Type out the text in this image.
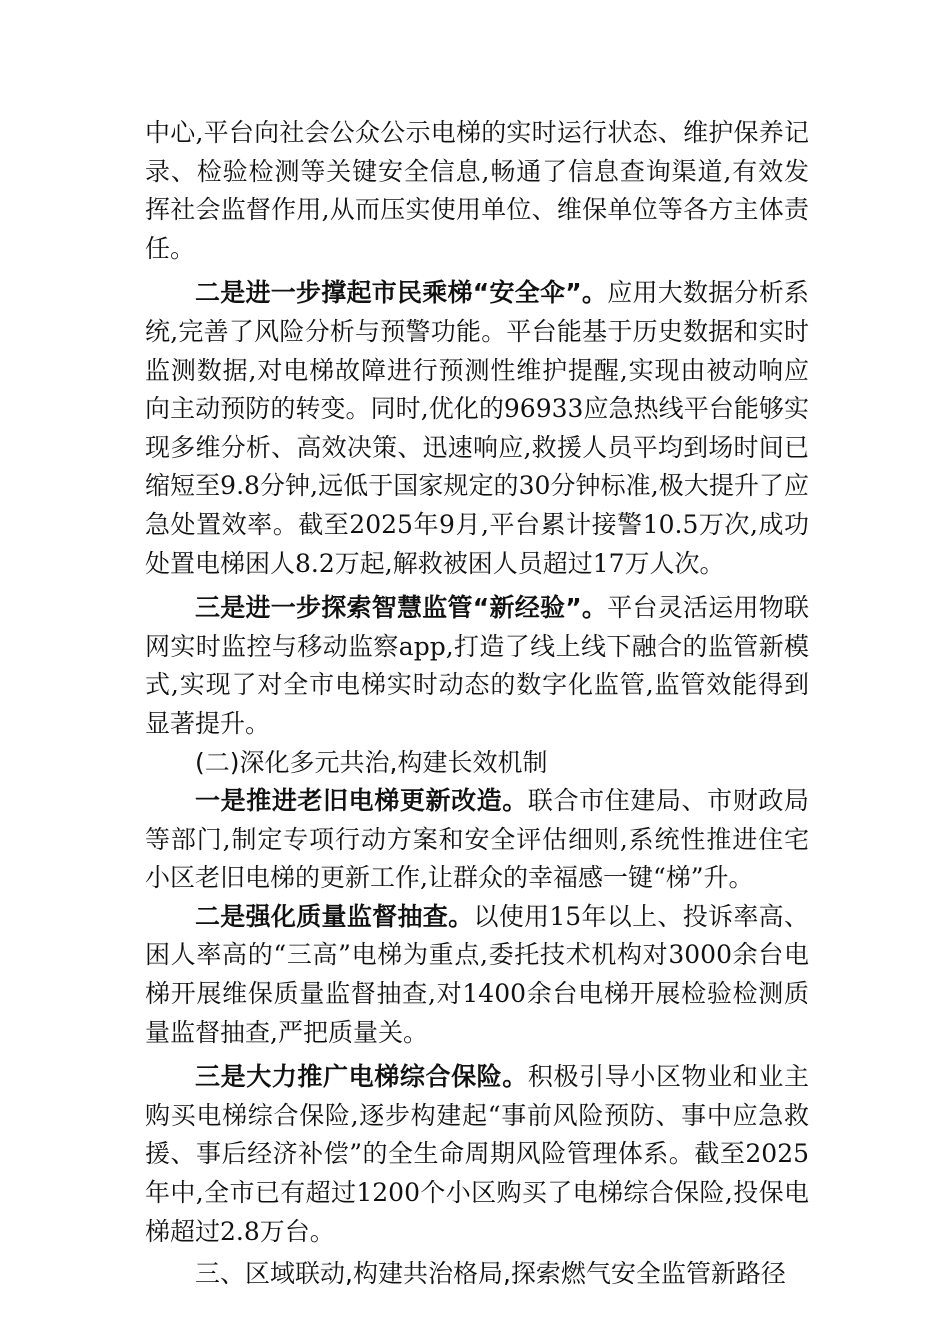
中心,平台向社会公众公示电梯的实时运行状态、维护保养记录、检验检测等关键安全信息,畅通了信息查询渠道,有效发挥社会监督作用,从而压实使用单位、维保单位等各方主体责任。

二是进一步撑起市民乘梯“安全伞”。应用大数据分析系统,完善了风险分析与预警功能。平台能基于历史数据和实时监测数据,对电梯故障进行预测性维护提醒,实现由被动响应向主动预防的转变。同时,优化的96933应急热线平台能够实现多维分析、高效决策、迅速响应,救援人员平均到场时间已缩短至9.8分钟,远低于国家规定的30分钟标准,极大提升了应急处置效率。截至2025年9月,平台累计接警10.5万次,成功处置电梯困人8.2万起,解救被困人员超过17万人次。

三是进一步探索智慧监管“新经验”。平台灵活运用物联网实时监控与移动监察app,打造了线上线下融合的监管新模式,实现了对全市电梯实时动态的数字化监管,监管效能得到显著提升。

(二)深化多元共治,构建长效机制

一是推进老旧电梯更新改造。联合市住建局、市财政局等部门,制定专项行动方案和安全评估细则,系统性推进住宅小区老旧电梯的更新工作,让群众的幸福感一键“梯”升。

二是强化质量监督抽查。以使用15年以上、投诉率高、困人率高的“三高”电梯为重点,委托技术机构对3000余台电梯开展维保质量监督抽查,对1400余台电梯开展检验检测质量监督抽查,严把质量关。

三是大力推广电梯综合保险。积极引导小区物业和业主购买电梯综合保险,逐步构建起“事前风险预防、事中应急救援、事后经济补偿”的全生命周期风险管理体系。截至2025年中,全市已有超过1200个小区购买了电梯综合保险,投保电梯超过2.8万台。

三、区域联动,构建共治格局,探索燃气安全监管新路径
